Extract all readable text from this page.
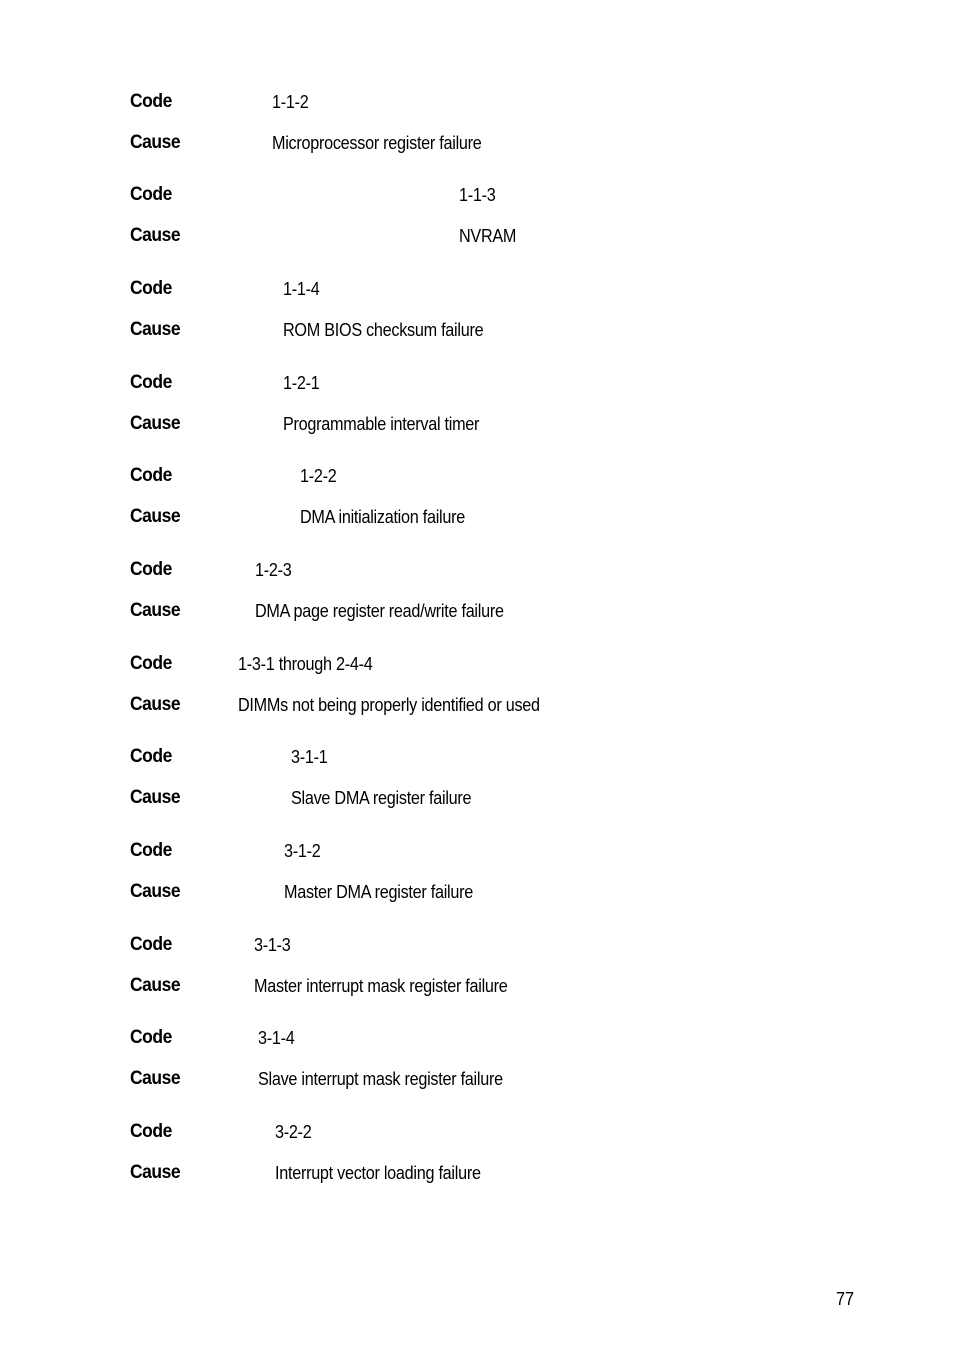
Code	1-1-2
Cause	Microprocessor register failure
Code	1-1-3
Cause	NVRAM
Code	1-1-4
Cause	ROM BIOS checksum failure
Code	1-2-1
Cause	Programmable interval timer
Code	1-2-2
Cause	DMA initialization failure
Code	1-2-3
Cause	DMA page register read/write failure
Code	1-3-1 through 2-4-4
Cause	DIMMs not being properly identified or used
Code	3-1-1
Cause	Slave DMA register failure
Code	3-1-2
Cause	Master DMA register failure
Code	3-1-3
Cause	Master interrupt mask register failure
Code	3-1-4
Cause	Slave interrupt mask register failure
Code	3-2-2
Cause	Interrupt vector loading failure
77
